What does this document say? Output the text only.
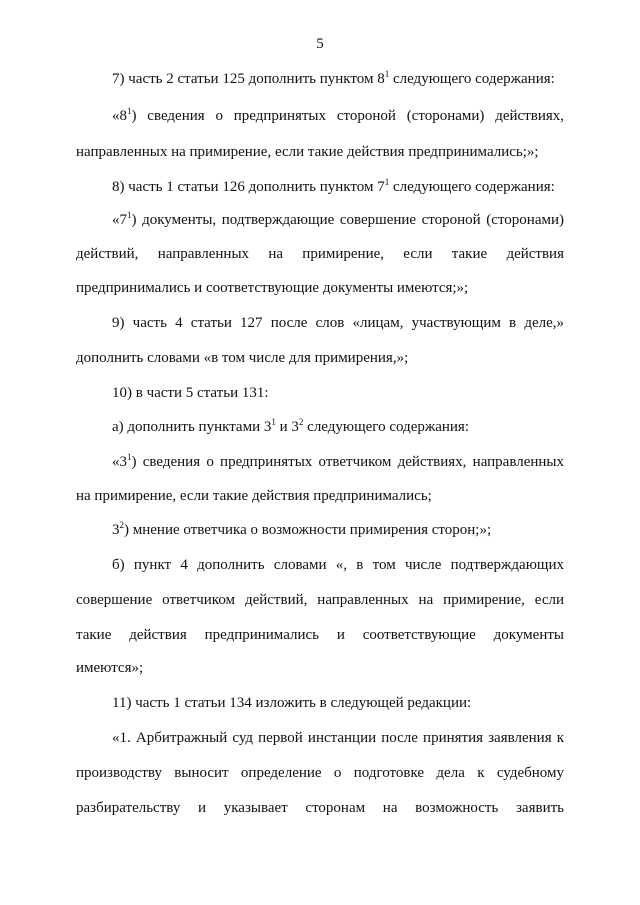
5
7) часть 2 статьи 125 дополнить пунктом $8^1$ следующего содержания:
«$8^1$) сведения о предпринятых стороной (сторонами) действиях,
направленных на примирение, если такие действия предпринимались;»;
8) часть 1 статьи 126 дополнить пунктом $7^1$ следующего содержания:
«$7^1$) документы, подтверждающие совершение стороной (сторонами)
действий, направленных на примирение, если такие действия
предпринимались и соответствующие документы имеются;»;
9) часть 4 статьи 127 после слов «лицам, участвующим в деле,»
дополнить словами «в том числе для примирения,»;
10) в части 5 статьи 131:
а) дополнить пунктами $3^1$ и $3^2$ следующего содержания:
«$3^1$) сведения о предпринятых ответчиком действиях, направленных
на примирение, если такие действия предпринимались;
$3^2$) мнение ответчика о возможности примирения сторон;»;
б) пункт 4 дополнить словами «, в том числе подтверждающих
совершение ответчиком действий, направленных на примирение, если
такие действия предпринимались и соответствующие документы
имеются»;
11) часть 1 статьи 134 изложить в следующей редакции:
«1. Арбитражный суд первой инстанции после принятия заявления к
производству выносит определение о подготовке дела к судебному
разбирательству и указывает сторонам на возможность заявить
